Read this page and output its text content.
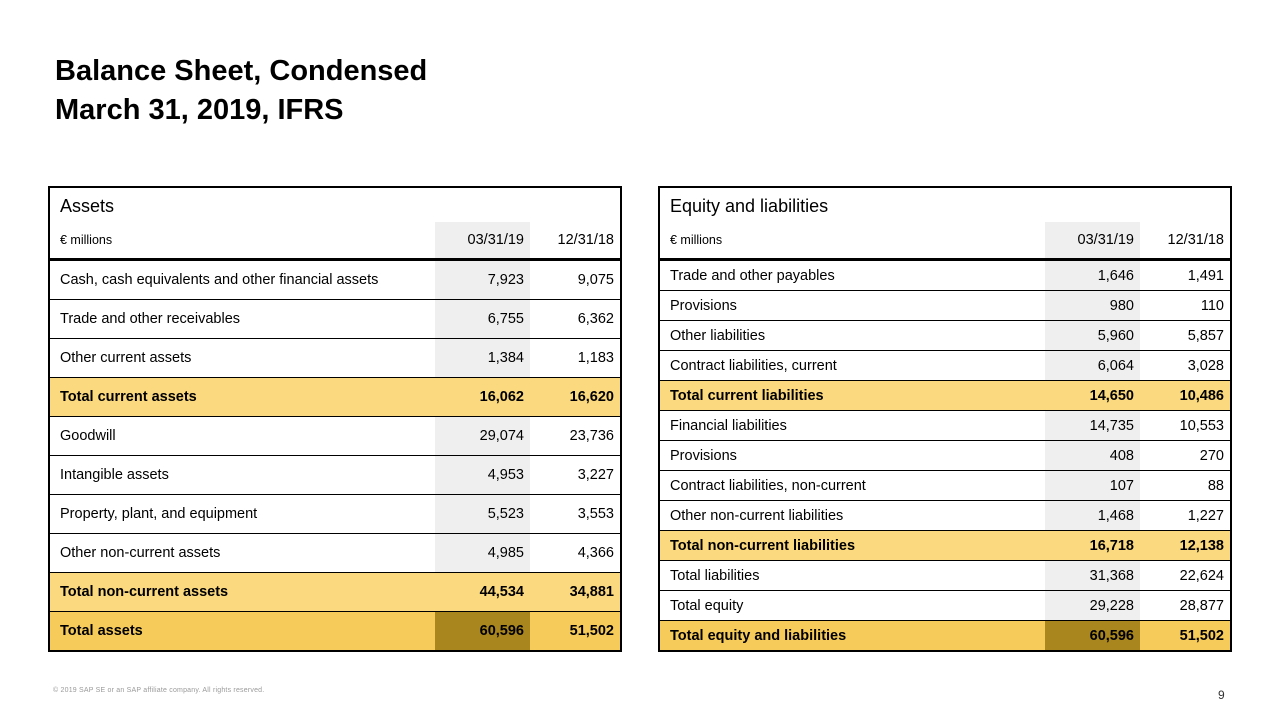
Balance Sheet, Condensed
March 31, 2019, IFRS
Assets
€ millions	03/31/19	12/31/18
Cash, cash equivalents and other financial assets	7,923	9,075
Trade and other receivables	6,755	6,362
Other current assets	1,384	1,183
Total current assets	16,062	16,620
Goodwill	29,074	23,736
Intangible assets	4,953	3,227
Property, plant, and equipment	5,523	3,553
Other non-current assets	4,985	4,366
Total non-current assets	44,534	34,881
Total assets	60,596	51,502
Equity and liabilities
€ millions	03/31/19	12/31/18
Trade and other payables	1,646	1,491
Provisions	980	110
Other liabilities	5,960	5,857
Contract liabilities, current	6,064	3,028
Total current liabilities	14,650	10,486
Financial liabilities	14,735	10,553
Provisions	408	270
Contract liabilities, non-current	107	88
Other non-current liabilities	1,468	1,227
Total non-current liabilities	16,718	12,138
Total liabilities	31,368	22,624
Total equity	29,228	28,877
Total equity and liabilities	60,596	51,502
© 2019 SAP SE or an SAP affiliate company. All rights reserved.	9
